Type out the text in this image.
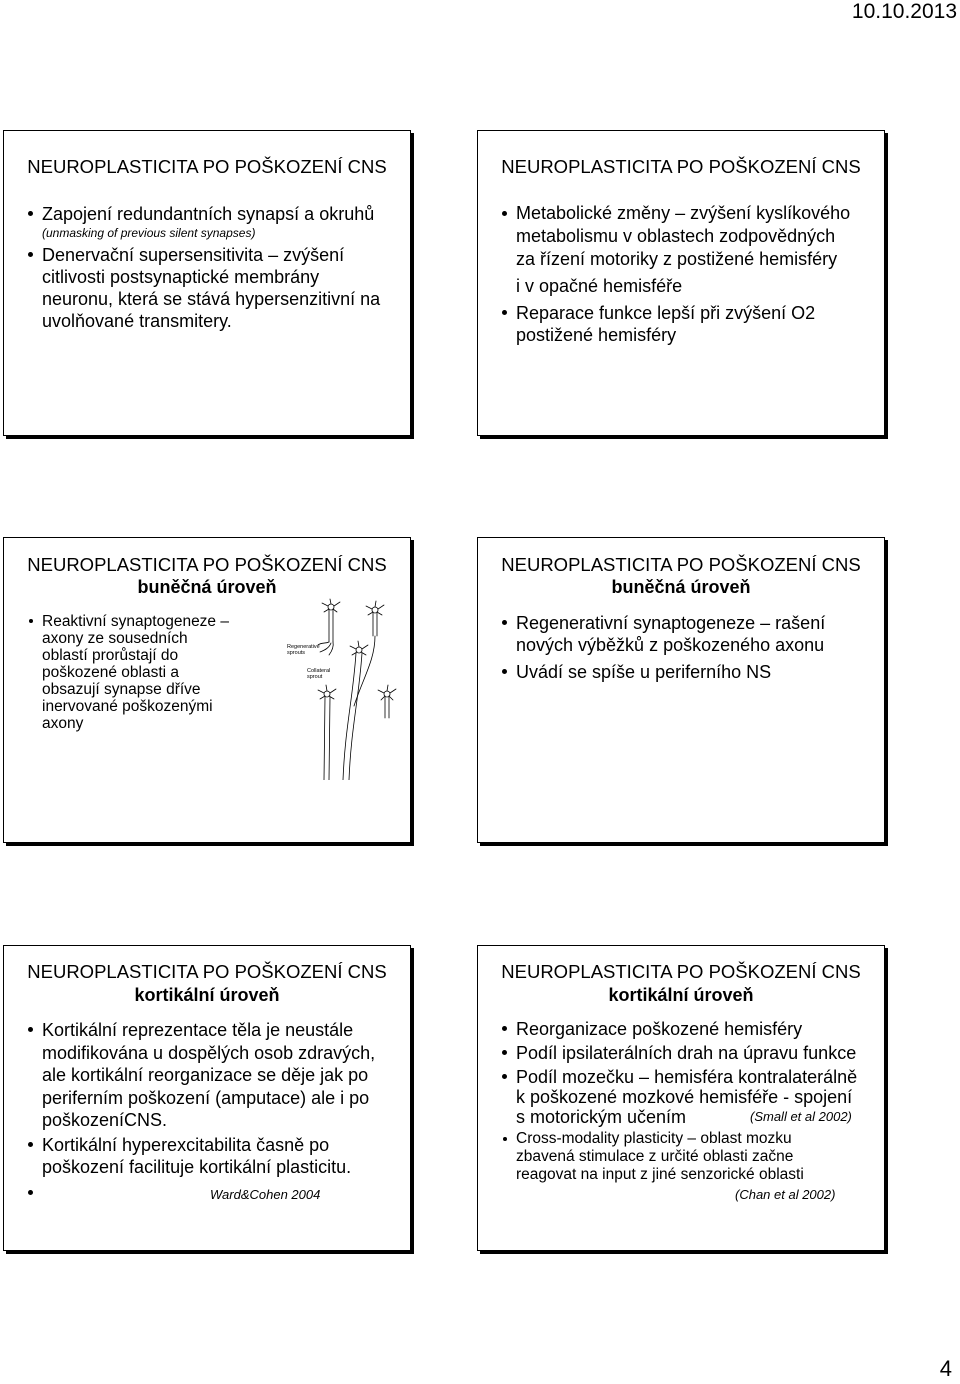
10.10.2013
NEUROPLASTICITA PO POŠKOZENÍ CNS
Zapojení redundantních synapsí a okruhů
(unmasking of previous silent synapses)
Denervační supersensitivita – zvýšení
citlivosti postsynaptické membrány
neuronu, která se stává hypersenzitivní na
uvolňované transmitery.
NEUROPLASTICITA PO POŠKOZENÍ CNS
Metabolické změny – zvýšení kyslíkového
metabolismu v oblastech zodpovědných
za řízení motoriky z postižené hemisféry
i v opačné hemisféře
Reparace funkce lepší při zvýšení O2
postižené hemisféry
NEUROPLASTICITA PO POŠKOZENÍ CNS
buněčná úroveň
Reaktivní synaptogeneze –
axony ze sousedních
oblastí prorůstají do
poškozené oblasti a
obsazují synapse dříve
inervované poškozenými
axony
Regenerative
sprouts
Collateral
sprout
NEUROPLASTICITA PO POŠKOZENÍ CNS
buněčná úroveň
Regenerativní synaptogeneze – rašení
nových výběžků z poškozeného axonu
Uvádí se spíše u periferního NS
NEUROPLASTICITA PO POŠKOZENÍ CNS
kortikální úroveň
Kortikální reprezentace těla je neustále
modifikována u dospělých osob zdravých,
ale kortikální reorganizace se děje jak po
periferním poškození (amputace) ale i po
poškozeníCNS.
Kortikální hyperexcitabilita časně po
poškození facilituje kortikální plasticitu.
Ward&Cohen 2004
NEUROPLASTICITA PO POŠKOZENÍ CNS
kortikální úroveň
Reorganizace poškozené hemisféry
Podíl ipsilaterálních drah na úpravu funkce
Podíl mozečku – hemisféra kontralaterálně
k poškozené mozkové hemisféře - spojení
s motorickým učením	(Small et al 2002)
Cross-modality plasticity – oblast mozku
zbavená stimulace z určité oblasti začne
reagovat na input z jiné senzorické oblasti
(Chan et al 2002)
4
